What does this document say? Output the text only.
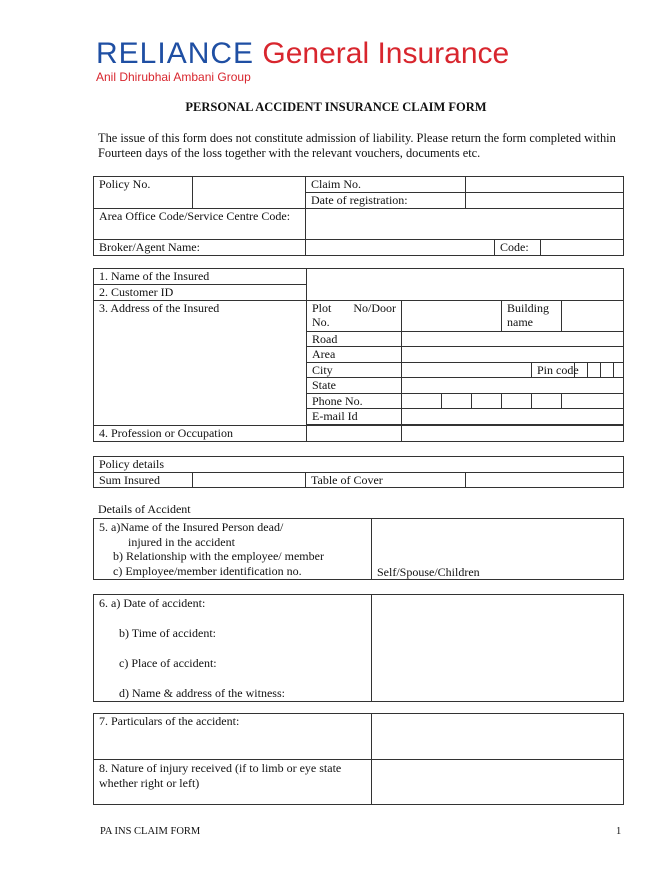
RELIANCE General Insurance
Anil Dhirubhai Ambani Group
PERSONAL ACCIDENT INSURANCE CLAIM FORM
The issue of this form does not constitute admission of liability. Please return the form completed within Fourteen days of the loss together with the relevant vouchers, documents etc.
Policy No.		Claim No.			
		Date of registration:			
Area Office Code/Service Centre Code:					
Broker/Agent Name:				Code:	
1. Name of the Insured											
2. Customer ID											
3. Address of the Insured	Plot No/Door No.				Building name						
	Road										
	Area										
	City					Pin code					
	State										
	Phone No.										
	E-mail Id										

4. Profession or Occupation											
Policy details
Sum Insured		Table of Cover	
Details of Accident
5. a)Name of the Insured Person dead/
injured in the accident
b) Relationship with the employee/ member
c) Employee/member identification no.	Self/Spouse/Children
6. a) Date of accident:
b) Time of accident:
c) Place of accident:
d) Name & address of the witness:

7. Particulars of the accident:	
8. Nature of injury received (if to limb or eye state whether right or left)	
PA INS CLAIM FORM	1
